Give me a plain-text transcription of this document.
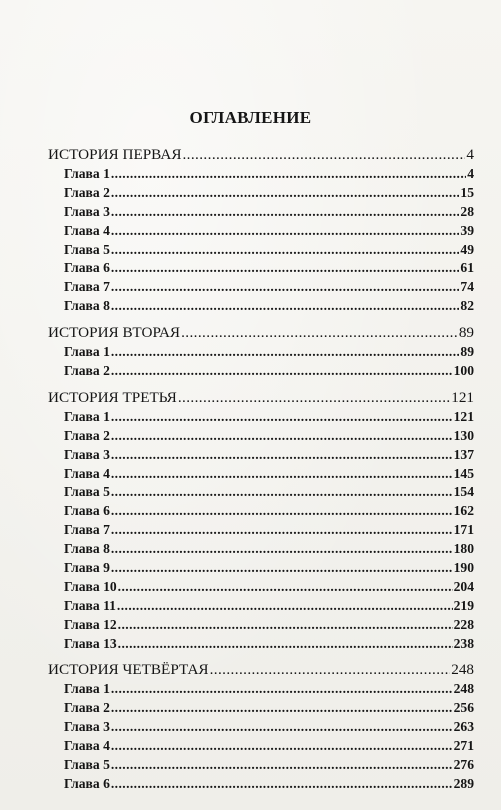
ОГЛАВЛЕНИЕ
ИСТОРИЯ ПЕРВАЯ .....	4
Глава 1 .....	4
Глава 2 .....	15
Глава 3 .....	28
Глава 4 .....	39
Глава 5 .....	49
Глава 6 .....	61
Глава 7 .....	74
Глава 8 .....	82
ИСТОРИЯ ВТОРАЯ .....	89
Глава 1 .....	89
Глава 2 .....	100
ИСТОРИЯ ТРЕТЬЯ .....	121
Глава 1 .....	121
Глава 2 .....	130
Глава 3 .....	137
Глава 4 .....	145
Глава 5 .....	154
Глава 6 .....	162
Глава 7 .....	171
Глава 8 .....	180
Глава 9 .....	190
Глава 10 .....	204
Глава 11 .....	219
Глава 12 .....	228
Глава 13 .....	238
ИСТОРИЯ ЧЕТВЁРТАЯ .....	248
Глава 1 .....	248
Глава 2 .....	256
Глава 3 .....	263
Глава 4 .....	271
Глава 5 .....	276
Глава 6 .....	289
